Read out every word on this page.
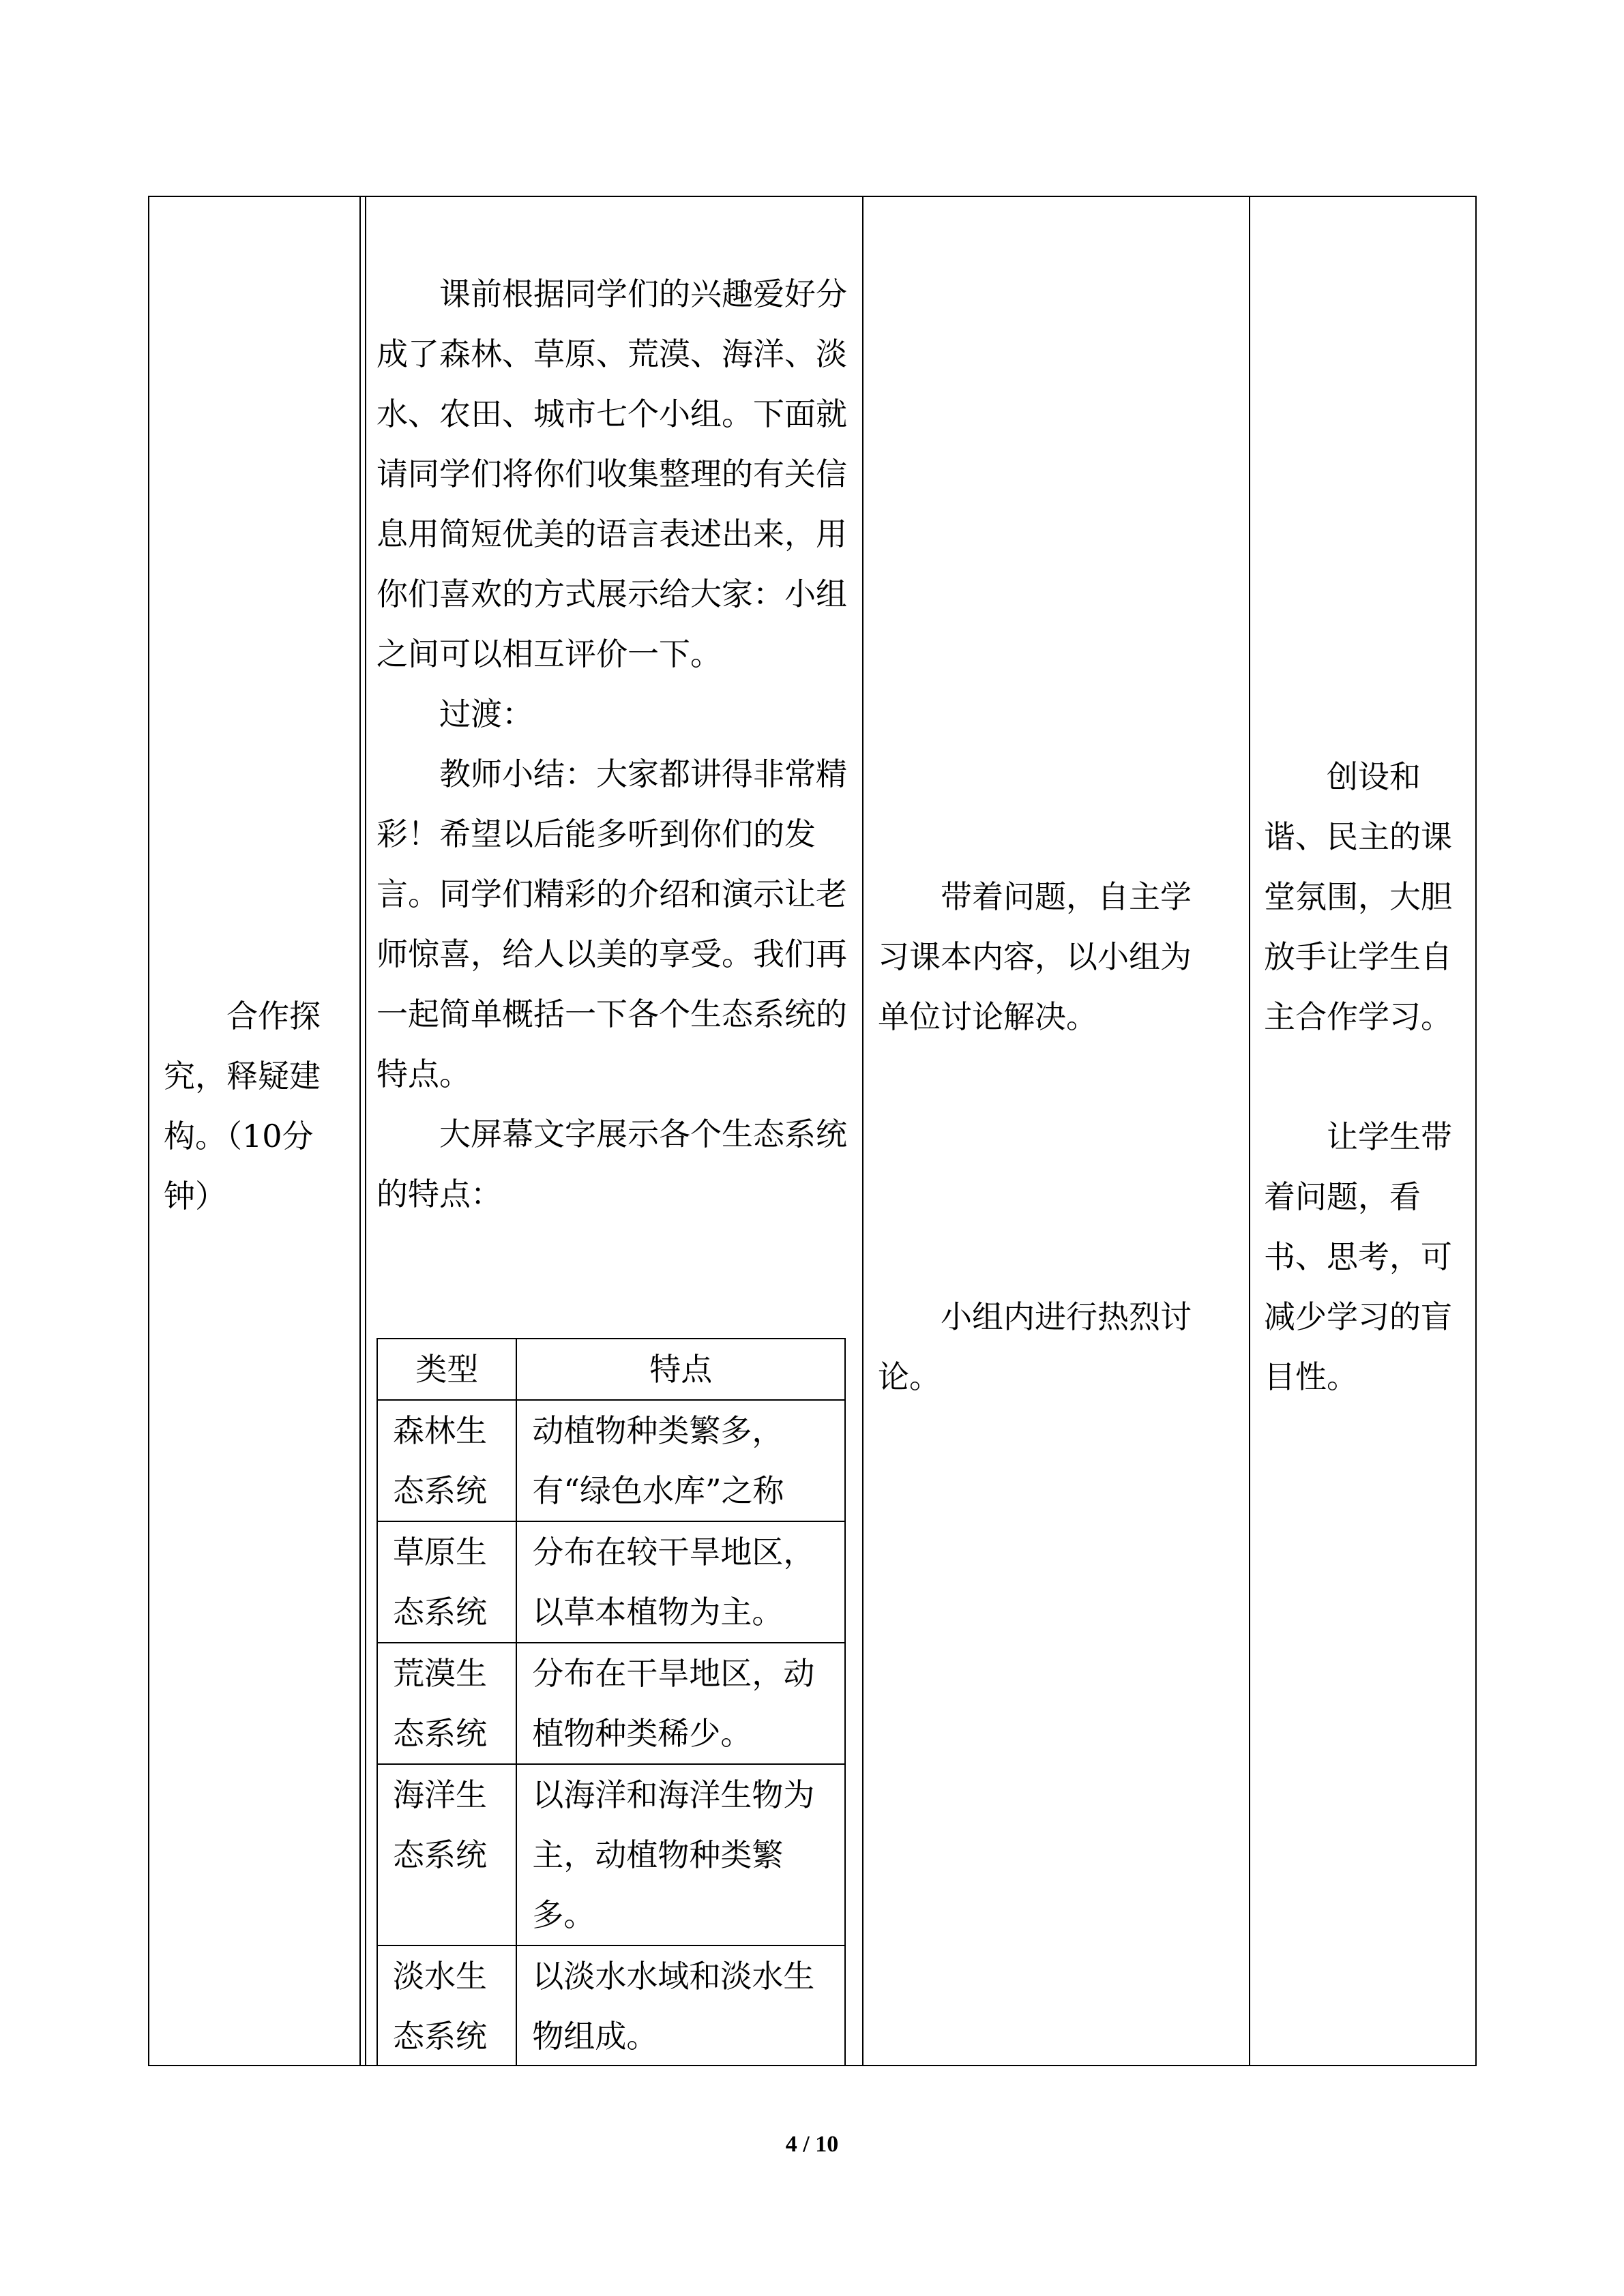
合作探究，释疑建构。（10分钟）

课前根据同学们的兴趣爱好分成了森林、草原、荒漠、海洋、淡水、农田、城市七个小组。下面就请同学们将你们收集整理的有关信息用简短优美的语言表述出来，用你们喜欢的方式展示给大家：小组之间可以相互评价一下。

过渡：

教师小结：大家都讲得非常精彩！希望以后能多听到你们的发言。同学们精彩的介绍和演示让老师惊喜，给人以美的享受。我们再一起简单概括一下各个生态系统的特点。

大屏幕文字展示各个生态系统的特点：

类型	特点
森林生态系统	动植物种类繁多，有“绿色水库”之称
草原生态系统	分布在较干旱地区，以草本植物为主。
荒漠生态系统	分布在干旱地区，动植物种类稀少。
海洋生态系统	以海洋和海洋生物为主，动植物种类繁多。
淡水生态系统	以淡水水域和淡水生物组成。

带着问题，自主学习课本内容，以小组为单位讨论解决。

小组内进行热烈讨论。

创设和谐、民主的课堂氛围，大胆放手让学生自主合作学习。

让学生带着问题，看书、思考，可减少学习的盲目性。

4 / 10
